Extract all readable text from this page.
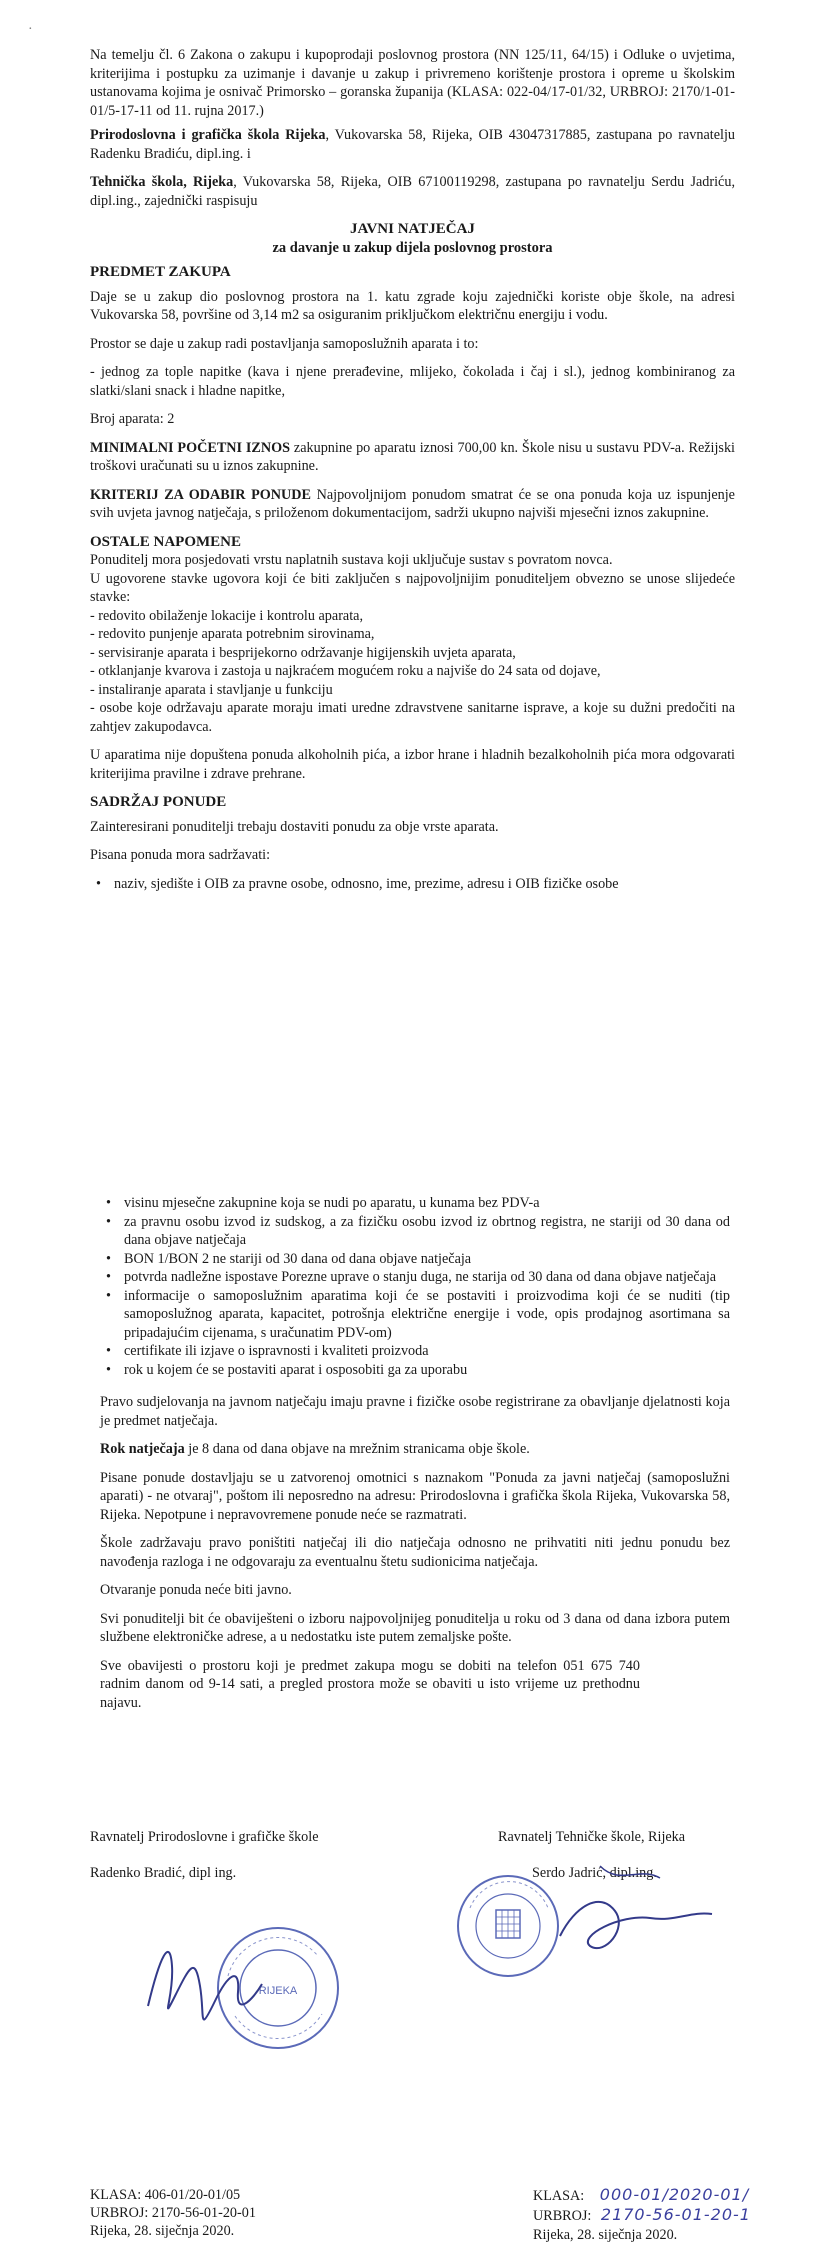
·

Na temelju čl. 6 Zakona o zakupu i kupoprodaji poslovnog prostora (NN 125/11, 64/15) i Odluke o uvjetima, kriterijima i postupku za uzimanje i davanje u zakup i privremeno korištenje prostora i opreme u školskim ustanovama kojima je osnivač Primorsko – goranska županija (KLASA: 022-04/17-01/32, URBROJ: 2170/1-01-01/5-17-11 od 11. rujna 2017.)

Prirodoslovna i grafička škola Rijeka, Vukovarska 58, Rijeka, OIB 43047317885, zastupana po ravnatelju Radenku Bradiću, dipl.ing. i

Tehnička škola, Rijeka, Vukovarska 58, Rijeka, OIB 67100119298, zastupana po ravnatelju Serdu Jadriću, dipl.ing., zajednički raspisuju

JAVNI NATJEČAJ
za davanje u zakup dijela poslovnog prostora
PREDMET ZAKUPA

Daje se u zakup dio poslovnog prostora na 1. katu zgrade koju zajednički koriste obje škole, na adresi Vukovarska 58, površine od 3,14 m2 sa osiguranim priključkom električnu energiju i vodu.

Prostor se daje u zakup radi postavljanja samoposlužnih aparata i to:

- jednog za tople napitke (kava i njene prerađevine, mlijeko, čokolada i čaj i sl.), jednog kombiniranog za slatki/slani snack i hladne napitke,

Broj aparata: 2

MINIMALNI POČETNI IZNOS zakupnine po aparatu iznosi 700,00 kn. Škole nisu u sustavu PDV-a. Režijski troškovi uračunati su u iznos zakupnine.

KRITERIJ ZA ODABIR PONUDE Najpovoljnijom ponudom smatrat će se ona ponuda koja uz ispunjenje svih uvjeta javnog natječaja, s priloženom dokumentacijom, sadrži ukupno najviši mjesečni iznos zakupnine.

OSTALE NAPOMENE

Ponuditelj mora posjedovati vrstu naplatnih sustava koji uključuje sustav s povratom novca.

U ugovorene stavke ugovora koji će biti zaključen s najpovoljnijim ponuditeljem obvezno se unose slijedeće stavke:

- redovito obilaženje lokacije i kontrolu aparata,

- redovito punjenje aparata potrebnim sirovinama,

- servisiranje aparata i besprijekorno održavanje higijenskih uvjeta aparata,

- otklanjanje kvarova i zastoja u najkraćem mogućem roku a najviše do 24 sata od dojave,

- instaliranje aparata i stavljanje u funkciju

- osobe koje održavaju aparate moraju imati uredne zdravstvene sanitarne isprave, a koje su dužni predočiti na zahtjev zakupodavca.

U aparatima nije dopuštena ponuda alkoholnih pića, a izbor hrane i hladnih bezalkoholnih pića mora odgovarati kriterijima pravilne i zdrave prehrane.

SADRŽAJ PONUDE

Zainteresirani ponuditelji trebaju dostaviti ponudu za obje vrste aparata.

Pisana ponuda mora sadržavati:

• naziv, sjedište i OIB za pravne osobe, odnosno, ime, prezime, adresu i OIB fizičke osobe
• visinu mjesečne zakupnine koja se nudi po aparatu, u kunama bez PDV-a
• za pravnu osobu izvod iz sudskog, a za fizičku osobu izvod iz obrtnog registra, ne stariji od 30 dana od dana objave natječaja
• BON 1/BON 2 ne stariji od 30 dana od dana objave natječaja
• potvrda nadležne ispostave Porezne uprave o stanju duga, ne starija od 30 dana od dana objave natječaja
• informacije o samoposlužnim aparatima koji će se postaviti i proizvodima koji će se nuditi (tip samoposlužnog aparata, kapacitet, potrošnja električne energije i vode, opis prodajnog asortimana sa pripadajućim cijenama, s uračunatim PDV-om)
• certifikate ili izjave o ispravnosti i kvaliteti proizvoda
• rok u kojem će se postaviti aparat i osposobiti ga za uporabu

Pravo sudjelovanja na javnom natječaju imaju pravne i fizičke osobe registrirane za obavljanje djelatnosti koja je predmet natječaja.

Rok natječaja je 8 dana od dana objave na mrežnim stranicama obje škole.

Pisane ponude dostavljaju se u zatvorenoj omotnici s naznakom "Ponuda za javni natječaj (samoposlužni aparati) - ne otvaraj", poštom ili neposredno na adresu: Prirodoslovna i grafička škola Rijeka, Vukovarska 58, Rijeka. Nepotpune i nepravovremene ponude neće se razmatrati.

Škole zadržavaju pravo poništiti natječaj ili dio natječaja odnosno ne prihvatiti niti jednu ponudu bez navođenja razloga i ne odgovaraju za eventualnu štetu sudionicima natječaja.

Otvaranje ponuda neće biti javno.

Svi ponuditelji bit će obaviješteni o izboru najpovoljnijeg ponuditelja u roku od 3 dana od dana izbora putem službene elektroničke adrese, a u nedostatku iste putem zemaljske pošte.

Sve obavijesti o prostoru koji je predmet zakupa mogu se dobiti na telefon 051 675 740 radnim danom od 9-14 sati, a pregled prostora može se obaviti u isto vrijeme uz prethodnu najavu.

Ravnatelj Prirodoslovne i grafičke škole
Radenko Bradić, dipl ing.
Ravnatelj Tehničke škole, Rijeka
Serdo Jadrić, dipl.ing.
RIJEKA
KLASA: 406-01/20-01/05
URBROJ: 2170-56-01-20-01
Rijeka, 28. siječnja 2020.
KLASA: 000-01/2020-01/
URBROJ: 2170-56-01-20-1
Rijeka, 28. siječnja 2020.
